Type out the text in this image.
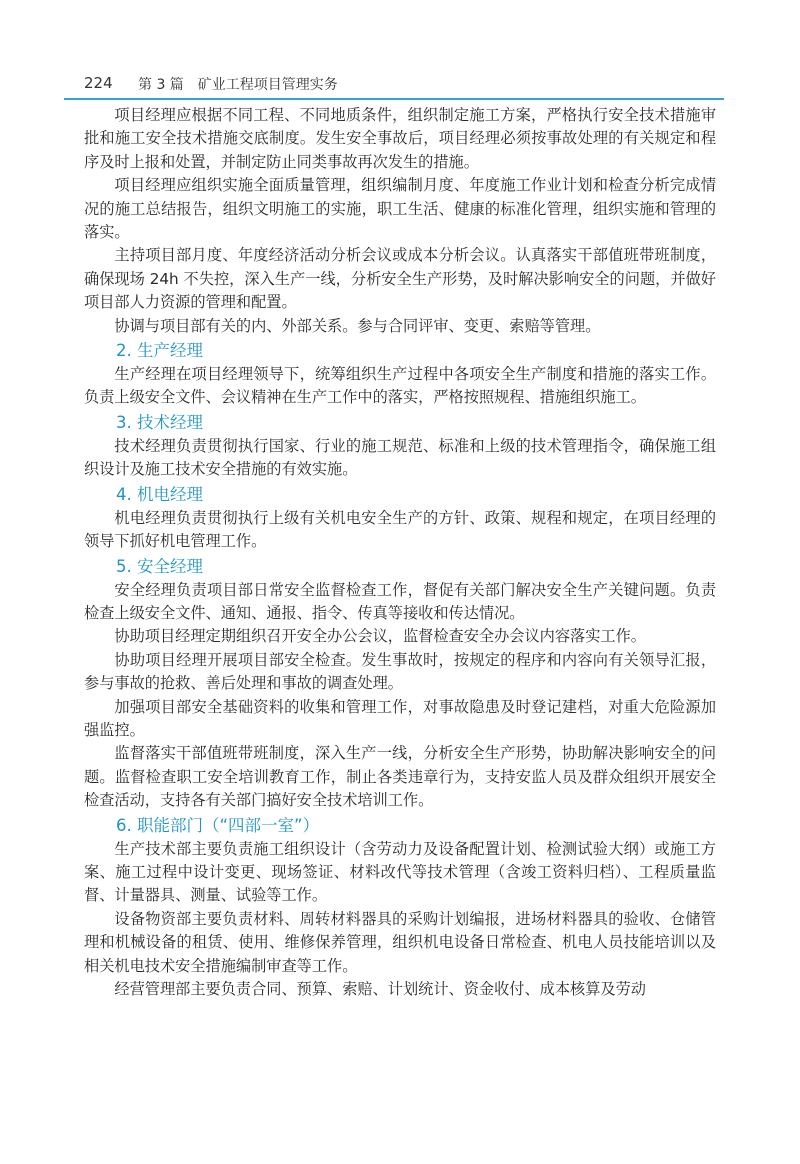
224 第 3 篇　矿业工程项目管理实务

项目经理应根据不同工程、不同地质条件，组织制定施工方案，严格执行安全技术措施审批和施工安全技术措施交底制度。发生安全事故后，项目经理必须按事故处理的有关规定和程序及时上报和处置，并制定防止同类事故再次发生的措施。

项目经理应组织实施全面质量管理，组织编制月度、年度施工作业计划和检查分析完成情况的施工总结报告，组织文明施工的实施，职工生活、健康的标准化管理，组织实施和管理的落实。

主持项目部月度、年度经济活动分析会议或成本分析会议。认真落实干部值班带班制度，确保现场 24h 不失控，深入生产一线，分析安全生产形势，及时解决影响安全的问题，并做好项目部人力资源的管理和配置。

协调与项目部有关的内、外部关系。参与合同评审、变更、索赔等管理。

2. 生产经理

生产经理在项目经理领导下，统筹组织生产过程中各项安全生产制度和措施的落实工作。负责上级安全文件、会议精神在生产工作中的落实，严格按照规程、措施组织施工。

3. 技术经理

技术经理负责贯彻执行国家、行业的施工规范、标准和上级的技术管理指令，确保施工组织设计及施工技术安全措施的有效实施。

4. 机电经理

机电经理负责贯彻执行上级有关机电安全生产的方针、政策、规程和规定，在项目经理的领导下抓好机电管理工作。

5. 安全经理

安全经理负责项目部日常安全监督检查工作，督促有关部门解决安全生产关键问题。负责检查上级安全文件、通知、通报、指令、传真等接收和传达情况。

协助项目经理定期组织召开安全办公会议，监督检查安全办会议内容落实工作。

协助项目经理开展项目部安全检查。发生事故时，按规定的程序和内容向有关领导汇报，参与事故的抢救、善后处理和事故的调查处理。

加强项目部安全基础资料的收集和管理工作，对事故隐患及时登记建档，对重大危险源加强监控。

监督落实干部值班带班制度，深入生产一线，分析安全生产形势，协助解决影响安全的问题。监督检查职工安全培训教育工作，制止各类违章行为，支持安监人员及群众组织开展安全检查活动，支持各有关部门搞好安全技术培训工作。

6. 职能部门（“四部一室”）

生产技术部主要负责施工组织设计（含劳动力及设备配置计划、检测试验大纲）或施工方案、施工过程中设计变更、现场签证、材料改代等技术管理（含竣工资料归档）、工程质量监督、计量器具、测量、试验等工作。

设备物资部主要负责材料、周转材料器具的采购计划编报，进场材料器具的验收、仓储管理和机械设备的租赁、使用、维修保养管理，组织机电设备日常检查、机电人员技能培训以及相关机电技术安全措施编制审查等工作。

经营管理部主要负责合同、预算、索赔、计划统计、资金收付、成本核算及劳动
